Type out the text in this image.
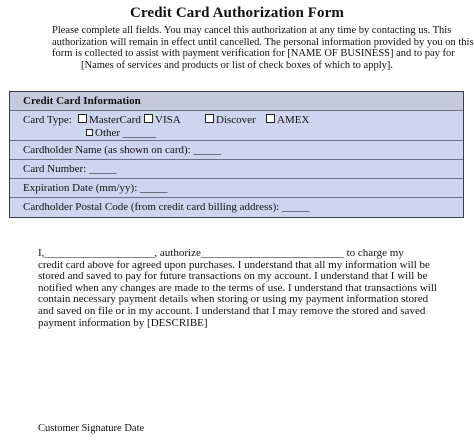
Credit Card Authorization Form
Please complete all fields. You may cancel this authorization at any time by contacting us. This
authorization will remain in effect until cancelled. The personal information provided by you on this
form is collected to assist with payment verification for [NAME OF BUSINESS] and to pay for
[Names of services and products or list of check boxes of which to apply].
Credit Card Information
Card Type:	MasterCard	VISA	Discover	AMEX
Other ______
Cardholder Name (as shown on card): _____
Card Number: _____
Expiration Date (mm/yy): _____
Cardholder Postal Code (from credit card billing address): _____
I,____________________, authorize__________________________ to charge my
credit card above for agreed upon purchases. I understand that all my information will be
stored and saved to pay for future transactions on my account. I understand that I will be
notified when any changes are made to the terms of use. I understand that transactions will
contain necessary payment details when storing or using my payment information stored
and saved on file or in my account. I understand that I may remove the stored and saved
payment information by [DESCRIBE]
Customer Signature Date
